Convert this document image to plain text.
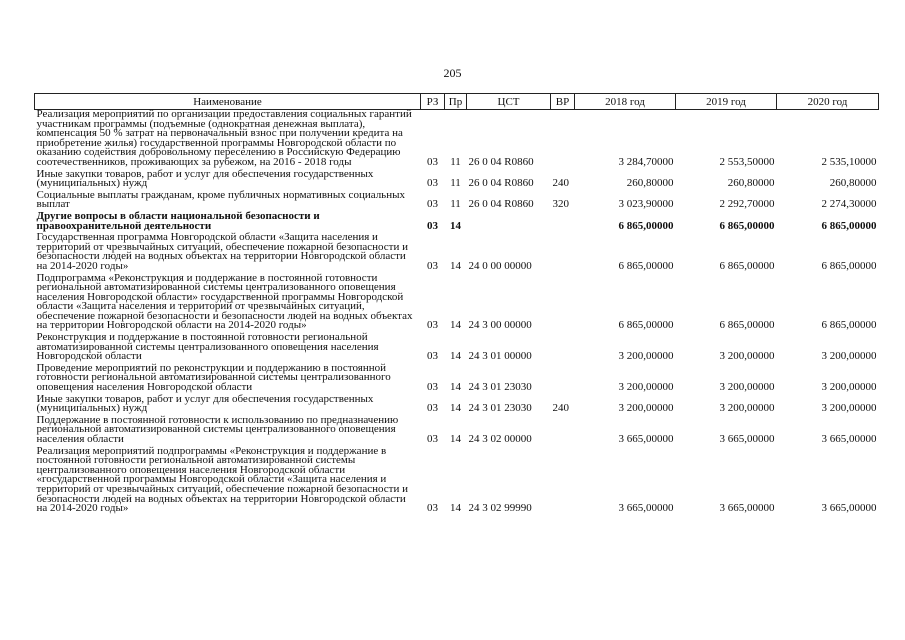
205
Наименование	РЗ	Пр	ЦСТ	ВР	2018 год	2019 год	2020 год
Реализация мероприятий по организации предоставления социальных гарантий участникам программы (подъемные (однократная денежная выплата), компенсация 50 % затрат на первоначальный взнос при получении кредита на приобретение жилья) государственной программы Новгородской области по оказанию содействия добровольному переселению в Российскую Федерацию соотечественников, проживающих за рубежом, на 2016 - 2018 годы	03	11	26 0 04 R0860		3 284,70000	2 553,50000	2 535,10000
Иные закупки товаров, работ и услуг для обеспечения государственных (муниципальных) нужд	03	11	26 0 04 R0860	240	260,80000	260,80000	260,80000
Социальные выплаты гражданам, кроме публичных нормативных социальных выплат	03	11	26 0 04 R0860	320	3 023,90000	2 292,70000	2 274,30000
Другие вопросы в области национальной безопасности и правоохранительной деятельности	03	14			6 865,00000	6 865,00000	6 865,00000
Государственная программа Новгородской области «Защита населения и территорий от чрезвычайных ситуаций, обеспечение пожарной безопасности и безопасности людей на водных объектах на территории Новгородской области на 2014-2020 годы»	03	14	24 0 00 00000		6 865,00000	6 865,00000	6 865,00000
Подпрограмма «Реконструкция и поддержание в постоянной готовности региональной автоматизированной системы централизованного оповещения населения Новгородской области» государственной программы Новгородской области «Защита населения и территорий от чрезвычайных ситуаций, обеспечение пожарной безопасности и безопасности людей на водных объектах на территории Новгородской области на 2014-2020 годы»	03	14	24 3 00 00000		6 865,00000	6 865,00000	6 865,00000
Реконструкция и поддержание в постоянной готовности региональной автоматизированной системы централизованного оповещения населения Новгородской области	03	14	24 3 01 00000		3 200,00000	3 200,00000	3 200,00000
Проведение мероприятий по реконструкции и поддержанию в постоянной готовности региональной автоматизированной системы централизованного оповещения населения Новгородской области	03	14	24 3 01 23030		3 200,00000	3 200,00000	3 200,00000
Иные закупки товаров, работ и услуг для обеспечения государственных (муниципальных) нужд	03	14	24 3 01 23030	240	3 200,00000	3 200,00000	3 200,00000
Поддержание в постоянной готовности к использованию по предназначению региональной автоматизированной системы централизованного оповещения населения области	03	14	24 3 02 00000		3 665,00000	3 665,00000	3 665,00000
Реализация мероприятий подпрограммы «Реконструкция и поддержание в постоянной готовности региональной автоматизированной системы централизованного оповещения населения Новгородской области «государственной программы Новгородской области «Защита населения и территорий от чрезвычайных ситуаций, обеспечение пожарной безопасности и безопасности людей на водных объектах на территории Новгородской области на 2014-2020 годы»	03	14	24 3 02 99990		3 665,00000	3 665,00000	3 665,00000
